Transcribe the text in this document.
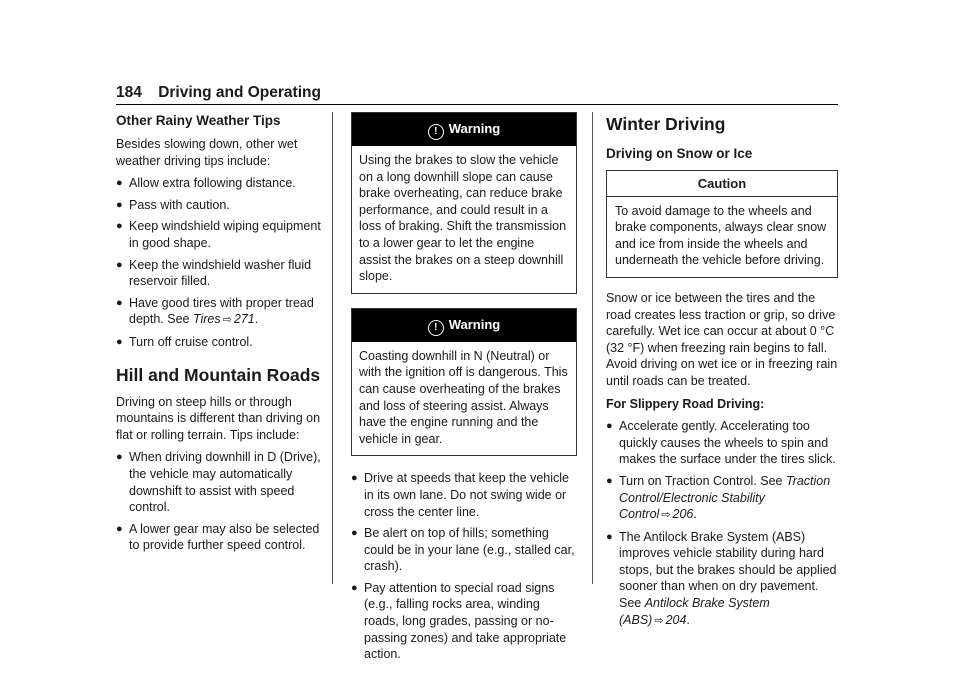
184 Driving and Operating
Other Rainy Weather Tips

Besides slowing down, other wet weather driving tips include:

● Allow extra following distance.
● Pass with caution.
● Keep windshield wiping equipment in good shape.
● Keep the windshield washer fluid reservoir filled.
● Have good tires with proper tread depth. See Tires ⇨ 271.
● Turn off cruise control.
Hill and Mountain Roads

Driving on steep hills or through mountains is different than driving on flat or rolling terrain. Tips include:

● When driving downhill in D (Drive), the vehicle may automatically downshift to assist with speed control.
● A lower gear may also be selected to provide further speed control.
! Warning
Using the brakes to slow the vehicle on a long downhill slope can cause brake overheating, can reduce brake performance, and could result in a loss of braking. Shift the transmission to a lower gear to let the engine assist the brakes on a steep downhill slope.
! Warning
Coasting downhill in N (Neutral) or with the ignition off is dangerous. This can cause overheating of the brakes and loss of steering assist. Always have the engine running and the vehicle in gear.
● Drive at speeds that keep the vehicle in its own lane. Do not swing wide or cross the center line.
● Be alert on top of hills; something could be in your lane (e.g., stalled car, crash).
● Pay attention to special road signs (e.g., falling rocks area, winding roads, long grades, passing or no-passing zones) and take appropriate action.
Winter Driving
Driving on Snow or Ice
Caution
To avoid damage to the wheels and brake components, always clear snow and ice from inside the wheels and underneath the vehicle before driving.

Snow or ice between the tires and the road creates less traction or grip, so drive carefully. Wet ice can occur at about 0 °C (32 °F) when freezing rain begins to fall. Avoid driving on wet ice or in freezing rain until roads can be treated.

For Slippery Road Driving:

● Accelerate gently. Accelerating too quickly causes the wheels to spin and makes the surface under the tires slick.
● Turn on Traction Control. See Traction Control/Electronic Stability Control ⇨ 206.
● The Antilock Brake System (ABS) improves vehicle stability during hard stops, but the brakes should be applied sooner than when on dry pavement. See Antilock Brake System (ABS) ⇨ 204.
